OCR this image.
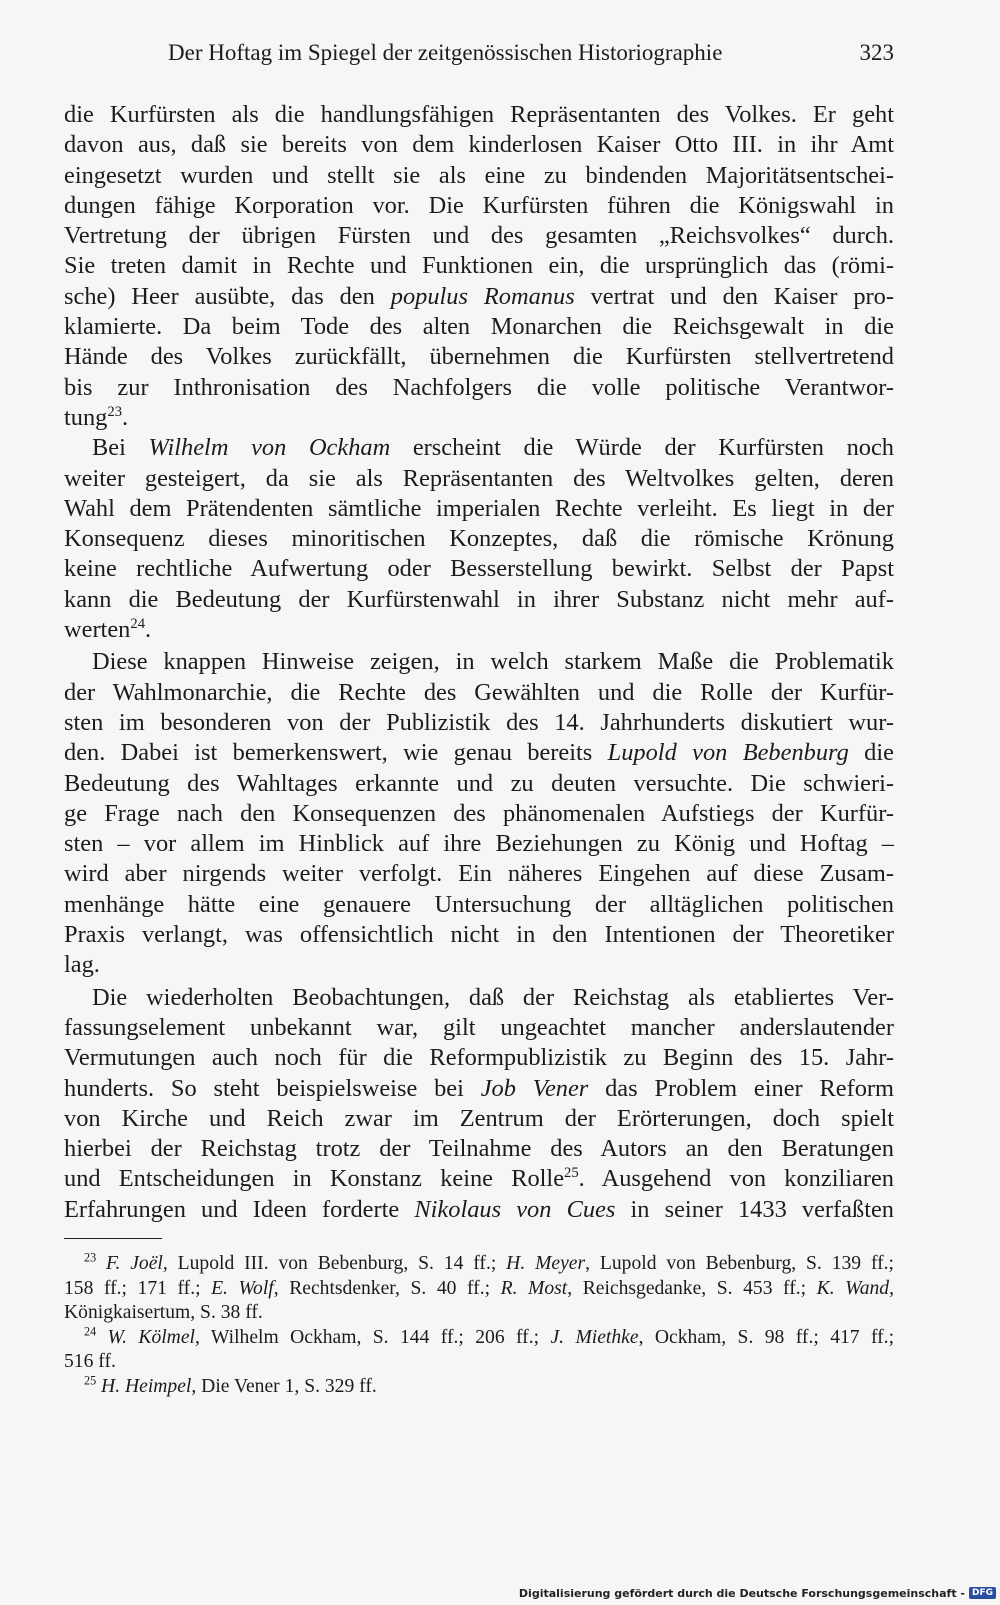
Der Hoftag im Spiegel der zeitgenössischen Historiographie	323
die Kurfürsten als die handlungsfähigen Repräsentanten des Volkes. Er geht
davon aus, daß sie bereits von dem kinderlosen Kaiser Otto III. in ihr Amt
eingesetzt wurden und stellt sie als eine zu bindenden Majoritätsentschei-
dungen fähige Korporation vor. Die Kurfürsten führen die Königswahl in
Vertretung der übrigen Fürsten und des gesamten „Reichsvolkes“ durch.
Sie treten damit in Rechte und Funktionen ein, die ursprünglich das (römi-
sche) Heer ausübte, das den populus Romanus vertrat und den Kaiser pro-
klamierte. Da beim Tode des alten Monarchen die Reichsgewalt in die
Hände des Volkes zurückfällt, übernehmen die Kurfürsten stellvertretend
bis zur Inthronisation des Nachfolgers die volle politische Verantwor-
tung$^{23}$.
Bei Wilhelm von Ockham erscheint die Würde der Kurfürsten noch
weiter gesteigert, da sie als Repräsentanten des Weltvolkes gelten, deren
Wahl dem Prätendenten sämtliche imperialen Rechte verleiht. Es liegt in der
Konsequenz dieses minoritischen Konzeptes, daß die römische Krönung
keine rechtliche Aufwertung oder Besserstellung bewirkt. Selbst der Papst
kann die Bedeutung der Kurfürstenwahl in ihrer Substanz nicht mehr auf-
werten$^{24}$.
Diese knappen Hinweise zeigen, in welch starkem Maße die Problematik
der Wahlmonarchie, die Rechte des Gewählten und die Rolle der Kurfür-
sten im besonderen von der Publizistik des 14. Jahrhunderts diskutiert wur-
den. Dabei ist bemerkenswert, wie genau bereits Lupold von Bebenburg die
Bedeutung des Wahltages erkannte und zu deuten versuchte. Die schwieri-
ge Frage nach den Konsequenzen des phänomenalen Aufstiegs der Kurfür-
sten – vor allem im Hinblick auf ihre Beziehungen zu König und Hoftag –
wird aber nirgends weiter verfolgt. Ein näheres Eingehen auf diese Zusam-
menhänge hätte eine genauere Untersuchung der alltäglichen politischen
Praxis verlangt, was offensichtlich nicht in den Intentionen der Theoretiker
lag.
Die wiederholten Beobachtungen, daß der Reichstag als etabliertes Ver-
fassungselement unbekannt war, gilt ungeachtet mancher anderslautender
Vermutungen auch noch für die Reformpublizistik zu Beginn des 15. Jahr-
hunderts. So steht beispielsweise bei Job Vener das Problem einer Reform
von Kirche und Reich zwar im Zentrum der Erörterungen, doch spielt
hierbei der Reichstag trotz der Teilnahme des Autors an den Beratungen
und Entscheidungen in Konstanz keine Rolle$^{25}$. Ausgehend von konziliaren
Erfahrungen und Ideen forderte Nikolaus von Cues in seiner 1433 verfaßten
$^{23}$ F. Joël, Lupold III. von Bebenburg, S. 14 ff.; H. Meyer, Lupold von Bebenburg, S. 139 ff.;
158 ff.; 171 ff.; E. Wolf, Rechtsdenker, S. 40 ff.; R. Most, Reichsgedanke, S. 453 ff.; K. Wand,
Königkaisertum, S. 38 ff.
$^{24}$ W. Kölmel, Wilhelm Ockham, S. 144 ff.; 206 ff.; J. Miethke, Ockham, S. 98 ff.; 417 ff.;
516 ff.
$^{25}$ H. Heimpel, Die Vener 1, S. 329 ff.
Digitalisierung gefördert durch die Deutsche Forschungsgemeinschaft - DFG
